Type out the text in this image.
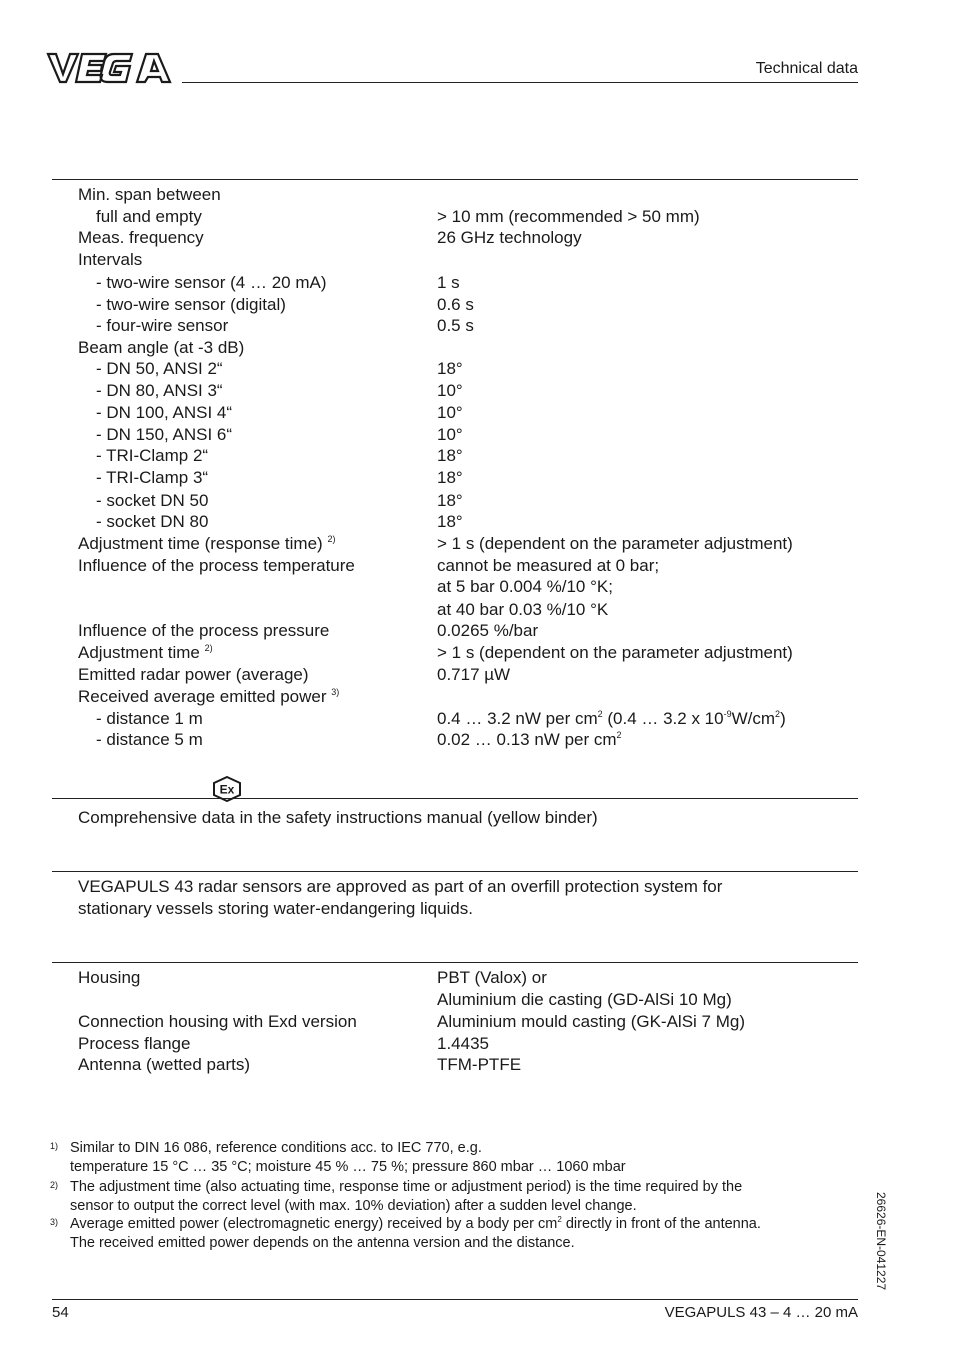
Technical data
Min. span between
full and empty	> 10 mm (recommended > 50 mm)
Meas. frequency	26 GHz technology
Intervals
- two-wire sensor (4 … 20 mA)	1 s
- two-wire sensor (digital)	0.6 s
- four-wire sensor	0.5 s
Beam angle (at -3 dB)
- DN 50, ANSI 2“	18°
- DN 80, ANSI 3“	10°
- DN 100, ANSI 4“	10°
- DN 150, ANSI 6“	10°
- TRI-Clamp 2“	18°
- TRI-Clamp 3“	18°
- socket DN 50	18°
- socket DN 80	18°
Adjustment time (response time) $^{2)}$	> 1 s (dependent on the parameter adjustment)
Influence of the process temperature	cannot be measured at 0 bar;
at 5 bar 0.004 %/10 °K;
at 40 bar 0.03 %/10 °K
Influence of the process pressure	0.0265 %/bar
Adjustment time $^{2)}$	> 1 s (dependent on the parameter adjustment)
Emitted radar power (average)	0.717 µW
Received average emitted power $^{3)}$
- distance 1 m	0.4 … 3.2 nW per $cm^2$ (0.4 … 3.2 x $10^{-9}W/cm^2$)
- distance 5 m	0.02 … 0.13 nW per $cm^2$
Ex
Comprehensive data in the safety instructions manual (yellow binder)
VEGAPULS 43 radar sensors are approved as part of an overfill protection system for
stationary vessels storing water-endangering liquids.
Housing	PBT (Valox) or
Aluminium die casting (GD-AlSi 10 Mg)
Connection housing with Exd version	Aluminium mould casting (GK-AlSi 7 Mg)
Process flange	1.4435
Antenna (wetted parts)	TFM-PTFE
1) Similar to DIN 16 086, reference conditions acc. to IEC 770, e.g.
temperature 15 °C … 35 °C; moisture 45 % … 75 %; pressure 860 mbar … 1060 mbar
2) The adjustment time (also actuating time, response time or adjustment period) is the time required by the
sensor to output the correct level (with max. 10% deviation) after a sudden level change.
3) Average emitted power (electromagnetic energy) received by a body per $cm^2$ directly in front of the antenna.
The received emitted power depends on the antenna version and the distance.	26626-EN-041227
54	VEGAPULS 43 – 4 … 20 mA
